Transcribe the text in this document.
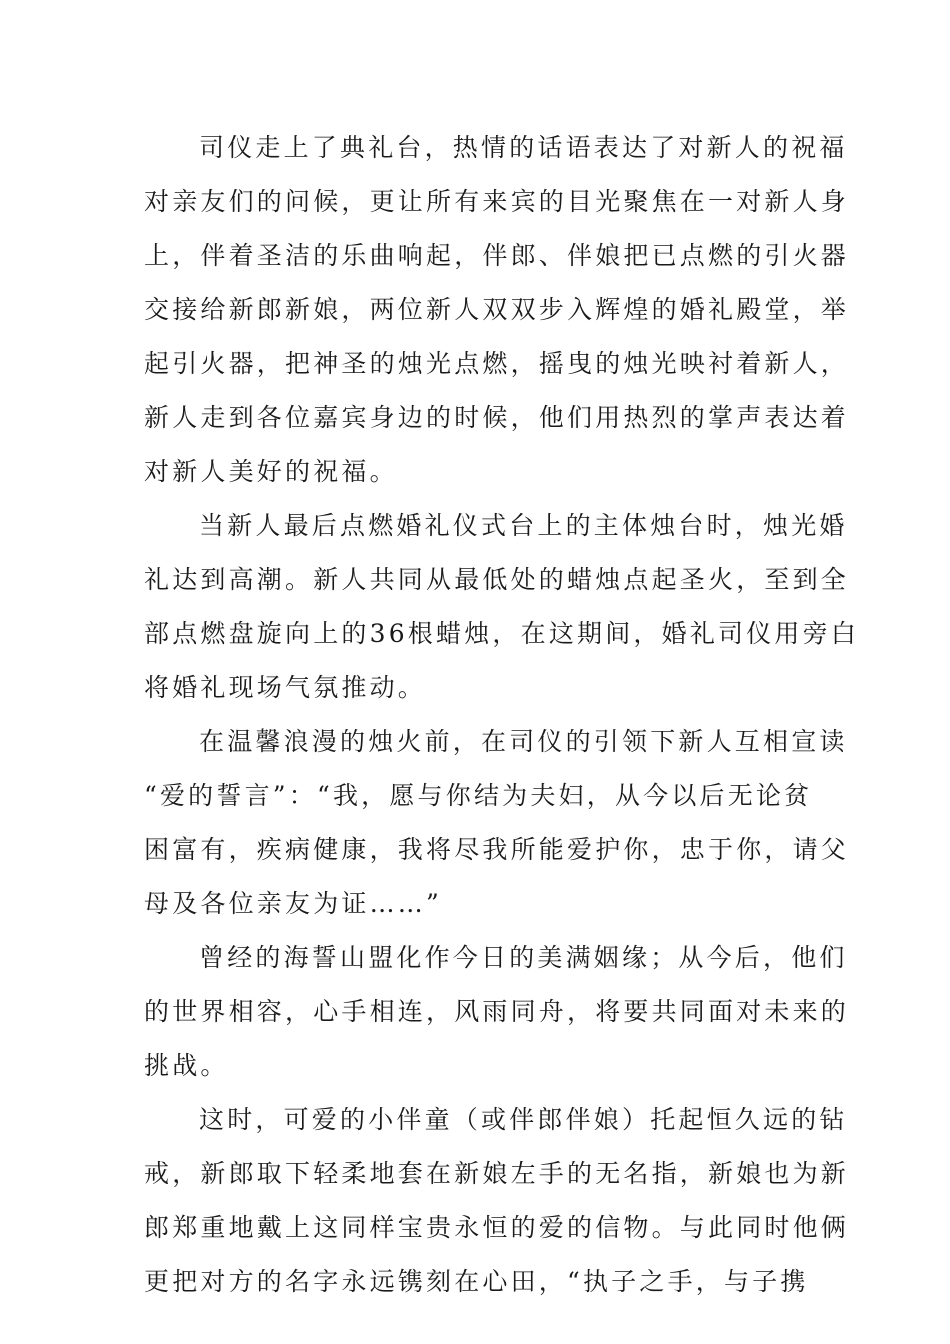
司仪走上了典礼台，热情的话语表达了对新人的祝福
对亲友们的问候，更让所有来宾的目光聚焦在一对新人身
上，伴着圣洁的乐曲响起，伴郎、伴娘把已点燃的引火器
交接给新郎新娘，两位新人双双步入辉煌的婚礼殿堂，举
起引火器，把神圣的烛光点燃，摇曳的烛光映衬着新人，
新人走到各位嘉宾身边的时候，他们用热烈的掌声表达着
对新人美好的祝福。
当新人最后点燃婚礼仪式台上的主体烛台时，烛光婚
礼达到高潮。新人共同从最低处的蜡烛点起圣火，至到全
部点燃盘旋向上的36根蜡烛，在这期间，婚礼司仪用旁白
将婚礼现场气氛推动。
在温馨浪漫的烛火前，在司仪的引领下新人互相宣读
“爱的誓言”：“我，愿与你结为夫妇，从今以后无论贫
困富有，疾病健康，我将尽我所能爱护你，忠于你，请父
母及各位亲友为证……”
曾经的海誓山盟化作今日的美满姻缘；从今后，他们
的世界相容，心手相连，风雨同舟，将要共同面对未来的
挑战。
这时，可爱的小伴童（或伴郎伴娘）托起恒久远的钻
戒，新郎取下轻柔地套在新娘左手的无名指，新娘也为新
郎郑重地戴上这同样宝贵永恒的爱的信物。与此同时他俩
更把对方的名字永远镌刻在心田，“执子之手，与子携
